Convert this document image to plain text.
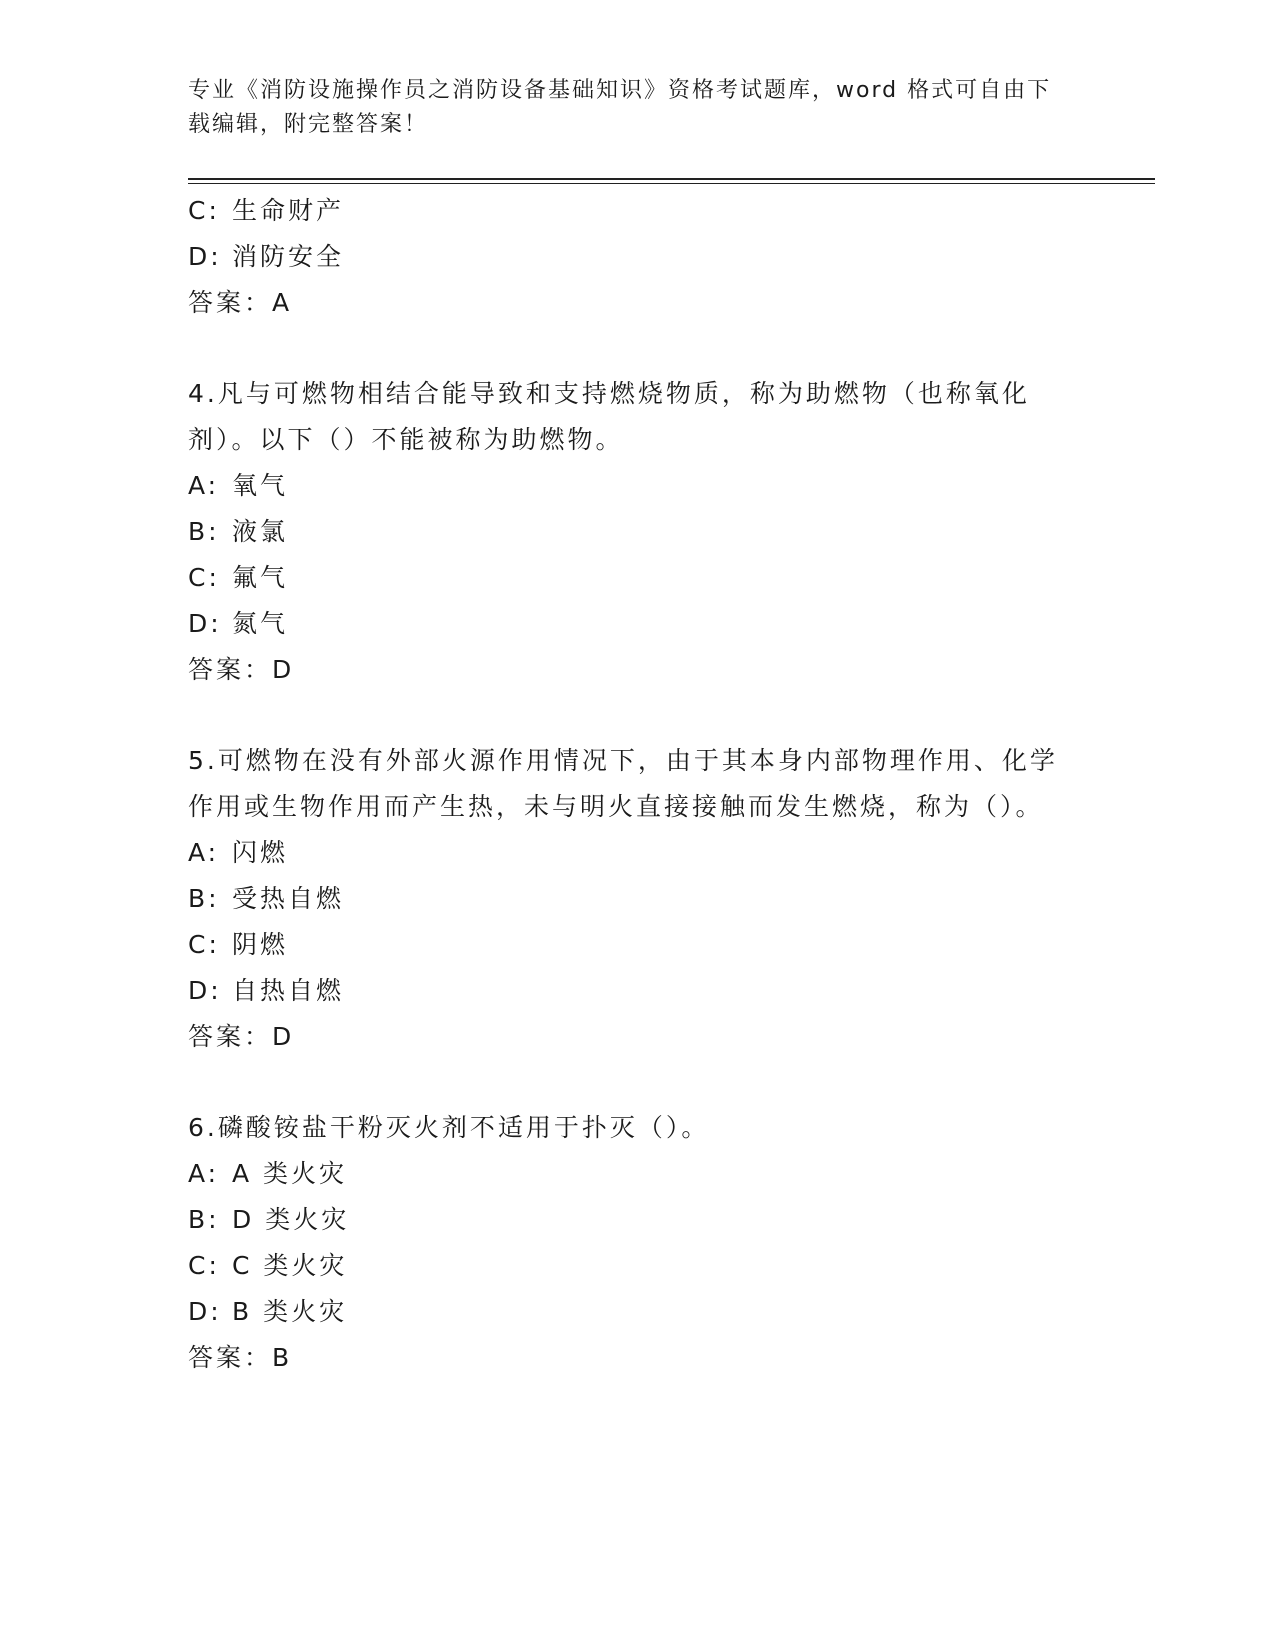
专业《消防设施操作员之消防设备基础知识》资格考试题库，word 格式可自由下载编辑，附完整答案！
C: 生命财产
D: 消防安全
答案：A
4.凡与可燃物相结合能导致和支持燃烧物质，称为助燃物（也称氧化剂）。以下（）不能被称为助燃物。
A: 氧气
B: 液氯
C: 氟气
D: 氮气
答案：D
5.可燃物在没有外部火源作用情况下，由于其本身内部物理作用、化学作用或生物作用而产生热，未与明火直接接触而发生燃烧，称为（）。
A: 闪燃
B: 受热自燃
C: 阴燃
D: 自热自燃
答案：D
6.磷酸铵盐干粉灭火剂不适用于扑灭（）。
A: A 类火灾
B: D 类火灾
C: C 类火灾
D: B 类火灾
答案：B
